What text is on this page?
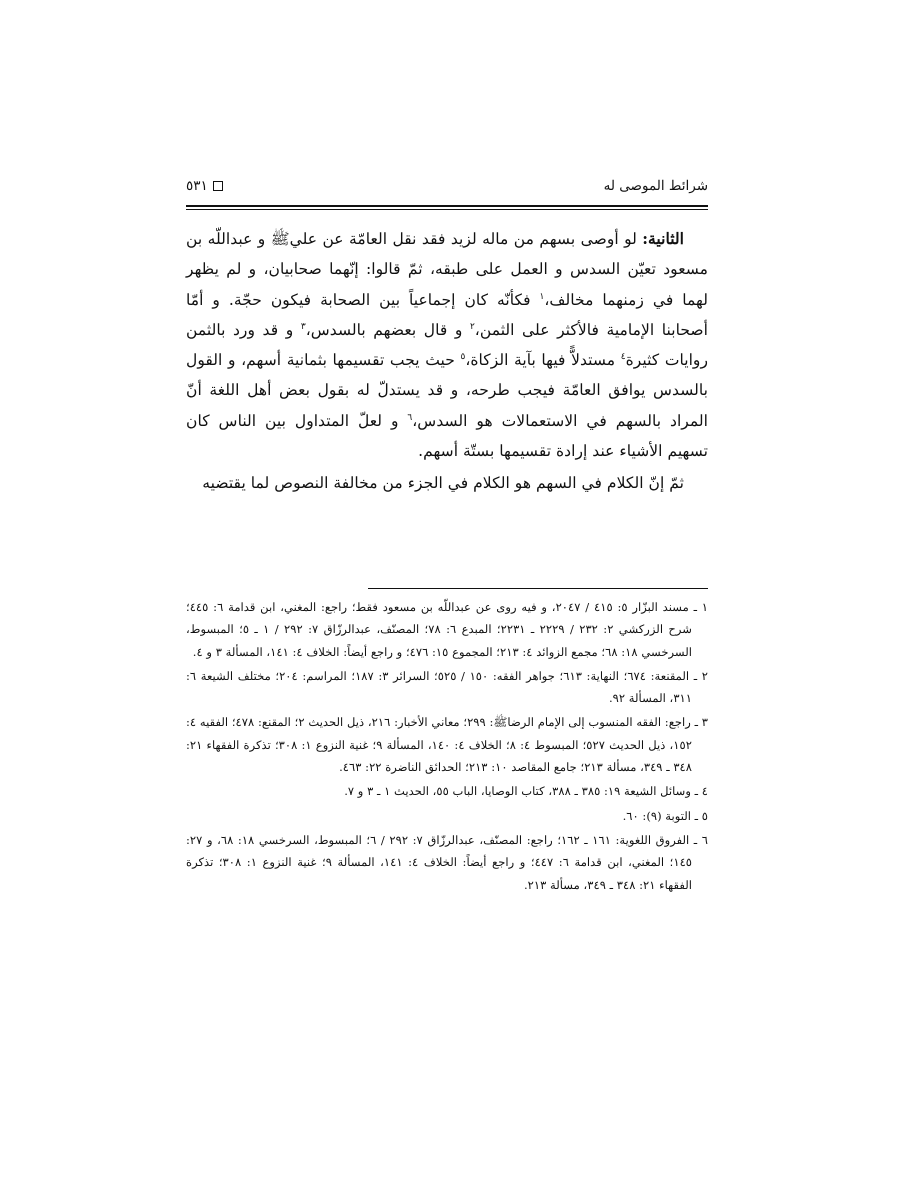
شرائط الموصى له
٥٣١

الثانية: لو أوصى بسهم من ماله لزيد فقد نقل العامّة عن عليﷺ و عبداللّه بن مسعود تعيّن السدس و العمل على طبقه، ثمّ قالوا: إنّهما صحابيان، و لم يظهر لهما في زمنهما مخالف،$^١$ فكأنّه كان إجماعياً بين الصحابة فيكون حجّة. و أمّا أصحابنا الإمامية فالأكثر على الثمن،$^٢$ و قال بعضهم بالسدس،$^٣$ و قد ورد بالثمن روايات كثيرة$^٤$ مستدلاًّ فيها بآية الزكاة،$^٥$ حيث يجب تقسيمها بثمانية أسهم، و القول بالسدس يوافق العامّة فيجب طرحه، و قد يستدلّ له بقول بعض أهل اللغة أنّ المراد بالسهم في الاستعمالات هو السدس،$^٦$ و لعلّ المتداول بين الناس كان تسهيم الأشياء عند إرادة تقسيمها بستّة أسهم.

ثمّ إنّ الكلام في السهم هو الكلام في الجزء من مخالفة النصوص لما يقتضيه

١ ـ مسند البزّار ٥: ٤١٥ / ٢٠٤٧، و فيه روى عن عبداللّه بن مسعود فقط؛ راجع: المغني، ابن قدامة ٦: ٤٤٥؛ شرح الزركشي ٢: ٢٣٢ / ٢٢٢٩ ـ ٢٢٣١؛ المبدع ٦: ٧٨؛ المصنّف، عبدالرزّاق ٧: ٢٩٢ / ١ ـ ٥؛ المبسوط، السرخسي ١٨: ٦٨؛ مجمع الزوائد ٤: ٢١٣؛ المجموع ١٥: ٤٧٦؛ و راجع أيضاً: الخلاف ٤: ١٤١، المسألة ٣ و ٤.

٢ ـ المقنعة: ٦٧٤؛ النهاية: ٦١٣؛ جواهر الفقه: ١٥٠ / ٥٢٥؛ السرائر ٣: ١٨٧؛ المراسم: ٢٠٤؛ مختلف الشيعة ٦: ٣١١، المسألة ٩٢.

٣ ـ راجع: الفقه المنسوب إلى الإمام الرضاﷺ: ٢٩٩؛ معاني الأخبار: ٢١٦، ذيل الحديث ٢؛ المقنع: ٤٧٨؛ الفقيه ٤: ١٥٢، ذيل الحديث ٥٢٧؛ المبسوط ٤: ٨؛ الخلاف ٤: ١٤٠، المسألة ٩؛ غنية النزوع ١: ٣٠٨؛ تذكرة الفقهاء ٢١: ٣٤٨ ـ ٣٤٩، مسألة ٢١٣؛ جامع المقاصد ١٠: ٢١٣؛ الحدائق الناضرة ٢٢: ٤٦٣.

٤ ـ وسائل الشيعة ١٩: ٣٨٥ ـ ٣٨٨، كتاب الوصايا، الباب ٥٥، الحديث ١ ـ ٣ و ٧.

٥ ـ التوبة (٩): ٦٠.

٦ ـ الفروق اللغوية: ١٦١ ـ ١٦٢؛ راجع: المصنّف، عبدالرزّاق ٧: ٢٩٢ / ٦؛ المبسوط، السرخسي ١٨: ٦٨، و ٢٧: ١٤٥؛ المغني، ابن قدامة ٦: ٤٤٧؛ و راجع أيضاً: الخلاف ٤: ١٤١، المسألة ٩؛ غنية النزوع ١: ٣٠٨؛ تذكرة الفقهاء ٢١: ٣٤٨ ـ ٣٤٩، مسألة ٢١٣.
